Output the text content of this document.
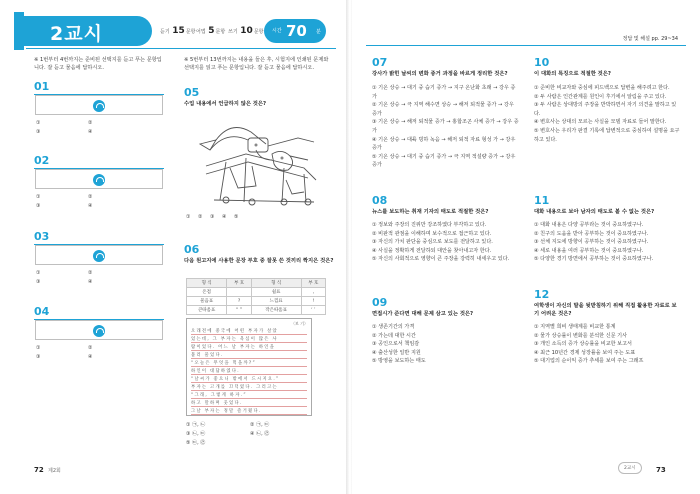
2교시	듣기 15문항 어법 5문항 쓰기 10문항 시간 70 분
※ 1번부터 4번까지는 준비된 선택지를 듣고 푸는 문항입니다. 잘 듣고 물음에 답하시오.
※ 5번부터 13번까지는 내용을 들은 후, 시험지에 인쇄된 문제와 선택지를 읽고 푸는 문항입니다. 잘 듣고 물음에 답하시오.
01
①	②
③	④
02
①	②
③	④
03
①	②
③	④
04
①	②
③	④
05
수업 내용에서 언급하지 않은 것은?
① ② ③ ④ ⑤
06
다음 원고지에 사용한 문장 부호 중 잘못 쓴 것끼리 짝지은 것은?
형 식	부 호	형 식	부 호
온점		쉼표	,
물음표	?	느낌표	!
큰따옴표	“ ”	작은따옴표	‘ ’
〈보 기〉
오래전에 중국에 어떤 부자가 살았
었는데, 그 부자는 욕심이 많은 사
람이었다. 어느 날 부자는 하인을
불러 물었다.
“오늘은 무엇을 먹을까?”
하인이 대답하였다.
“날씨가 좋으니 밖에서 드시지요.”
부자는 고개를 끄덕였다. 그러고는
“그래, 그렇게 하자.”
하고 말하며 웃었다.
그날 부자는 정말 즐거웠다.
① ㉠, ㉡	② ㉠, ㉢
③ ㉡, ㉢	④ ㉡, ㉣
⑤ ㉢, ㉣
72 제2회
정답 및 해설 pp. 29~34
07
강사가 밝힌 날씨의 변화 증거 과정을 바르게 정리한 것은?
① 기온 상승 → 대기 중 습기 증가 → 지구 온난화 초래 → 강우 증가
② 기온 상승 → 극 지역 해수면 상승 → 해저 퇴적물 증가 → 강우 증가
③ 기온 상승 → 해저 퇴적물 증가 → 홍합조곤 사체 증가 → 강우 증가
④ 기온 상승 → 대륙 빙하 녹음 → 해저 퇴적 자료 형성 가 → 강우 증가
⑤ 기온 상승 → 대기 중 습기 증가 → 극 지역 적설량 증가 → 강우 증가
08
뉴스를 보도하는 취재 기자의 태도로 적절한 것은?
① 정보와 주장의 진위만 강조하였다 부각하고 있다.
② 비판적 관점을 이해하며 보수적으로 접근하고 있다.
③ 자신의 가치 판단을 중심으로 보도를 전달하고 있다.
④ 사실을 정확하게 전달하되 대안을 찾아내고자 한다.
⑤ 자신의 사회적으로 영향이 큰 주장을 강력히 내세우고 있다.
09
면접시가 준다면 대해 문제 삼고 있는 것은?
① 생존기간의 가격
② 가는데 대한 시간
③ 공인으로서 책임감
④ 출산성한 일반 지원
⑤ 방영을 보도하는 태도
10
이 대화의 특징으로 적절한 것은?
① 준비한 비교자와 중심에 피드백으로 답변을 해주려고 한다.
② 두 사람은 인간관계를 원인이 후기에서 알림을 주고 있다.
③ 두 사람은 상대방의 주장을 반박하면서 자기 의견을 말하고 있다.
④ 변호사는 상대의 모르는 사실을 모델 자료로 들어 말한다.
⑤ 변호사는 우리가 판결 기록에 답변적으로 중심하여 설명을 요구하고 있다.
11
대화 내용으로 보아 남자의 태도로 볼 수 없는 것은?
① 대화 내용은 다양 공부라는 것이 중요하였구나.
② 친구의 도움을 받아 공부하는 것이 중요하였구나.
③ 선체 지도에 방향이 공부하는 것이 중요하였구나.
④ 세로 내용을 여러 공부하는 것이 중요하였구나.
⑤ 다양한 경기 방면에서 공부하는 것이 중요하였구나.
12
여학생이 자신의 말을 뒷받침하기 위해 직접 활용한 자료로 보기 어려운 것은?
① 지역별 희비 생태계를 비교한 통계
② 물가 상승률이 변화를 분석한 신문 기사
③ 개인 소득의 증가 상승률을 비교한 보고서
④ 최근 10년간 경제 성장률을 보여 주는 도표
⑤ 대기업의 순이익 증가 추세를 보여 주는 그래프
2교시	73
